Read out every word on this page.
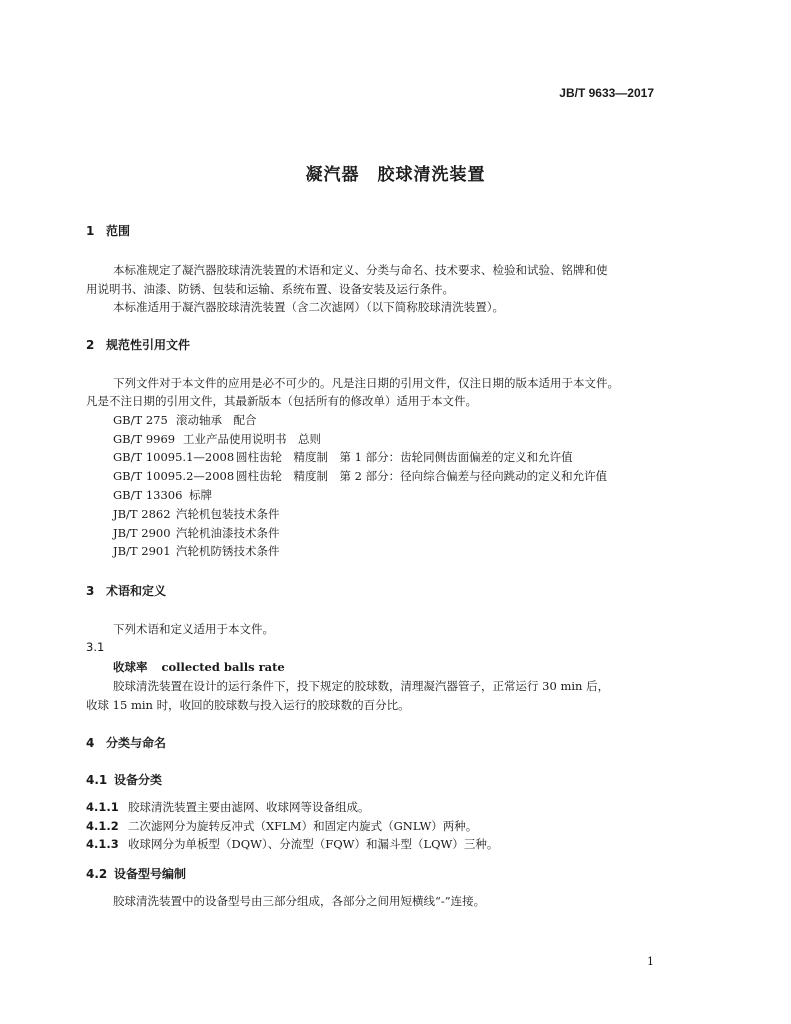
JB/T 9633—2017
凝汽器　胶球清洗装置
1 范围
本标准规定了凝汽器胶球清洗装置的术语和定义、分类与命名、技术要求、检验和试验、铭牌和使
用说明书、油漆、防锈、包装和运输、系统布置、设备安装及运行条件。
本标准适用于凝汽器胶球清洗装置（含二次滤网）（以下简称胶球清洗装置）。
2 规范性引用文件
下列文件对于本文件的应用是必不可少的。凡是注日期的引用文件，仅注日期的版本适用于本文件。
凡是不注日期的引用文件，其最新版本（包括所有的修改单）适用于本文件。
GB/T 275 滚动轴承　配合
GB/T 9969 工业产品使用说明书　总则
GB/T 10095.1—2008 圆柱齿轮　精度制　第 1 部分：齿轮同侧齿面偏差的定义和允许值
GB/T 10095.2—2008 圆柱齿轮　精度制　第 2 部分：径向综合偏差与径向跳动的定义和允许值
GB/T 13306 标牌
JB/T 2862 汽轮机包装技术条件
JB/T 2900 汽轮机油漆技术条件
JB/T 2901 汽轮机防锈技术条件
3 术语和定义
下列术语和定义适用于本文件。
3.1
收球率 collected balls rate
胶球清洗装置在设计的运行条件下，投下规定的胶球数，清理凝汽器管子，正常运行 30 min 后，
收球 15 min 时，收回的胶球数与投入运行的胶球数的百分比。
4 分类与命名
4.1 设备分类
4.1.1 胶球清洗装置主要由滤网、收球网等设备组成。
4.1.2 二次滤网分为旋转反冲式（XFLM）和固定内旋式（GNLW）两种。
4.1.3 收球网分为单板型（DQW）、分流型（FQW）和漏斗型（LQW）三种。
4.2 设备型号编制
胶球清洗装置中的设备型号由三部分组成，各部分之间用短横线“-”连接。
1
